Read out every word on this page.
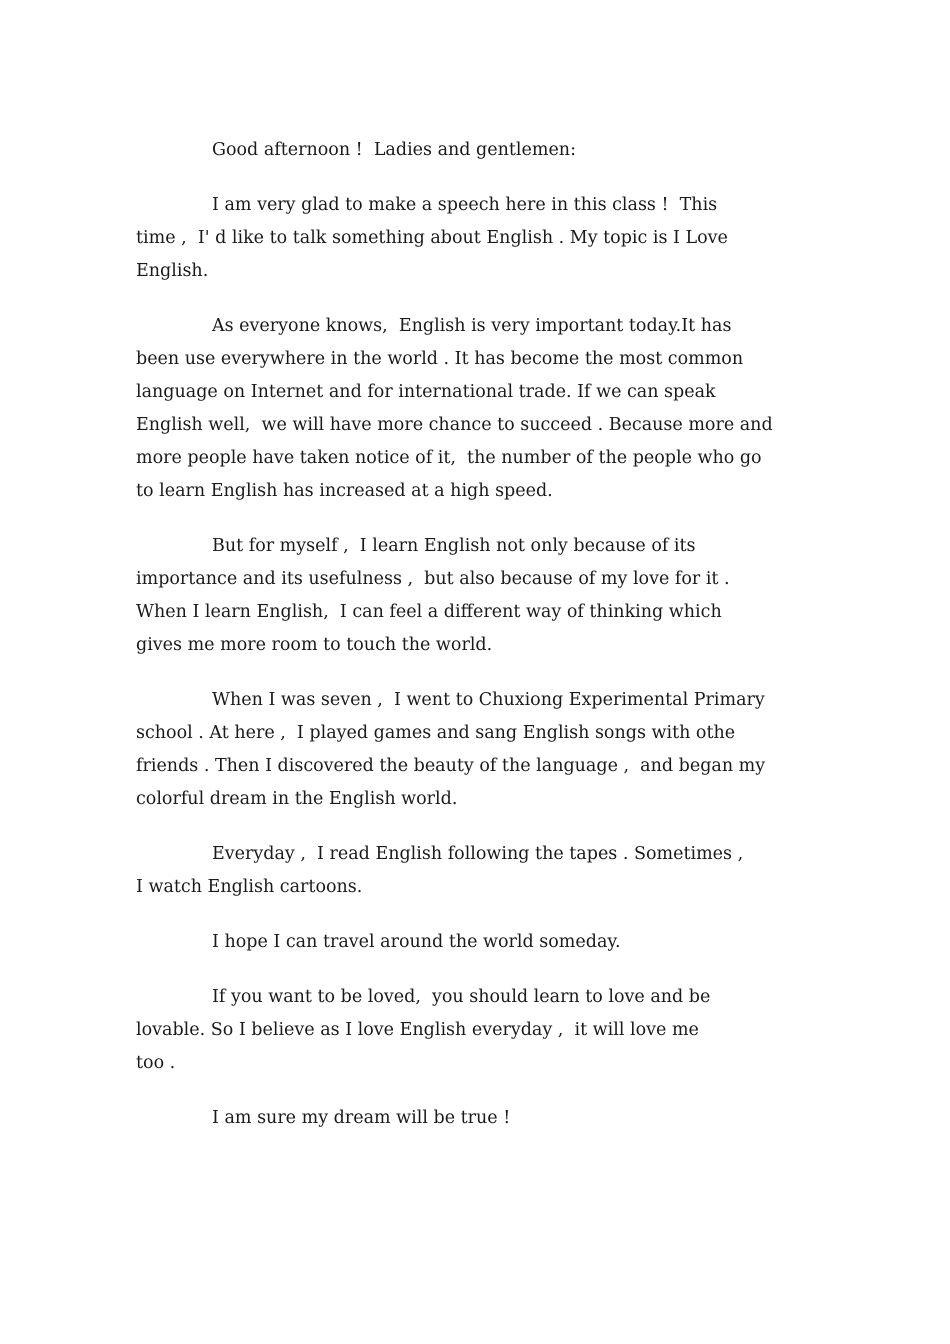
Good afternoon !  Ladies and gentlemen:
I am very glad to make a speech here in this class !  This
time ,  I' d like to talk something about English . My topic is I Love
English.
As everyone knows,  English is very important today.It has
been use everywhere in the world . It has become the most common
language on Internet and for international trade. If we can speak
English well,  we will have more chance to succeed . Because more and
more people have taken notice of it,  the number of the people who go
to learn English has increased at a high speed.
But for myself ,  I learn English not only because of its
importance and its usefulness ,  but also because of my love for it .
When I learn English,  I can feel a different way of thinking which
gives me more room to touch the world.
When I was seven ,  I went to Chuxiong Experimental Primary
school . At here ,  I played games and sang English songs with othe
friends . Then I discovered the beauty of the language ,  and began my
colorful dream in the English world.
Everyday ,  I read English following the tapes . Sometimes ,
I watch English cartoons.
I hope I can travel around the world someday.
If you want to be loved,  you should learn to love and be
lovable. So I believe as I love English everyday ,  it will love me
too .
I am sure my dream will be true !
